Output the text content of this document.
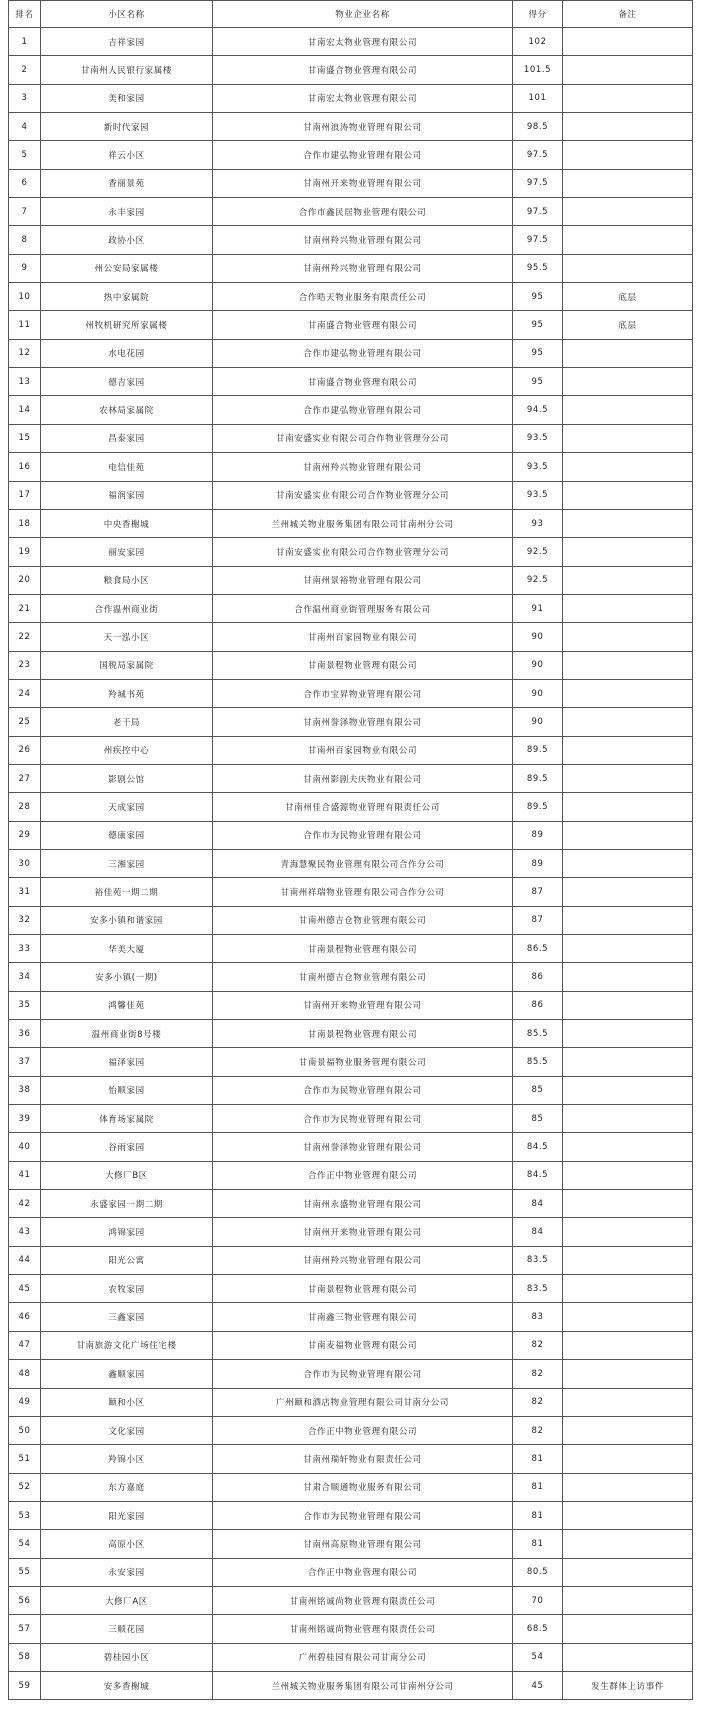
排名	小区名称	物业企业名称	得分	备注
1	吉祥家园	甘南宏太物业管理有限公司	102	
2	甘南州人民银行家属楼	甘南盛合物业管理有限公司	101.5	
3	美和家园	甘南宏太物业管理有限公司	101	
4	新时代家园	甘南州浪涛物业管理有限公司	98.5	
5	祥云小区	合作市建弘物业管理有限公司	97.5	
6	香丽景苑	甘南州开来物业管理有限公司	97.5	
7	永丰家园	合作市鑫民居物业管理有限公司	97.5	
8	政协小区	甘南州羚兴物业管理有限公司	97.5	
9	州公安局家属楼	甘南州羚兴物业管理有限公司	95.5	
10	热中家属院	合作晧天物业服务有限责任公司	95	底层
11	州牧机研究所家属楼	甘南盛合物业管理有限公司	95	底层
12	水电花园	合作市建弘物业管理有限公司	95	
13	德吉家园	甘南盛合物业管理有限公司	95	
14	农林局家属院	合作市建弘物业管理有限公司	94.5	
15	昌泰家园	甘南安盛实业有限公司合作物业管理分公司	93.5	
16	电信佳苑	甘南州羚兴物业管理有限公司	93.5	
17	福润家园	甘南安盛实业有限公司合作物业管理分公司	93.5	
18	中央香榭城	兰州城关物业服务集团有限公司甘南州分公司	93	
19	丽安家园	甘南安盛实业有限公司合作物业管理分公司	92.5	
20	粮食局小区	甘南州景裕物业管理有限公司	92.5	
21	合作温州商业街	合作温州商业街管理服务有限公司	91	
22	天一泓小区	甘南州百家园物业有限公司	90	
23	国税局家属院	甘南景程物业管理有限公司	90	
24	羚城书苑	合作市宝昇物业管理有限公司	90	
25	老干局	甘南州誉泽物业管理有限公司	90	
26	州疾控中心	甘南州百家园物业有限公司	89.5	
27	影剧公馆	甘南州影剧夫庆物业有限公司	89.5	
28	天成家园	甘南州佳合盛源物业管理有限责任公司	89.5	
29	德康家园	合作市为民物业管理有限公司	89	
30	三湘家园	青海慧聚民物业管理有限公司合作分公司	89	
31	裕佳苑一期二期	甘南州祥瑞物业管理有限公司合作分公司	87	
32	安多小镇和谐家园	甘南州德吉仓物业管理有限公司	87	
33	华美大厦	甘南景程物业管理有限公司	86.5	
34	安多小镇(一期)	甘南州德吉仓物业管理有限公司	86	
35	鸿馨佳苑	甘南州开来物业管理有限公司	86	
36	温州商业街8号楼	甘南景程物业管理有限公司	85.5	
37	福泽家园	甘南景福物业服务管理有限公司	85.5	
38	怡顺家园	合作市为民物业管理有限公司	85	
39	体育场家属院	合作市为民物业管理有限公司	85	
40	谷雨家园	甘南州誉泽物业管理有限公司	84.5	
41	大修厂B区	合作正中物业管理有限公司	84.5	
42	永盛家园一期二期	甘南州永盛物业管理有限公司	84	
43	鸿锦家园	甘南州开来物业管理有限公司	84	
44	阳光公寓	甘南州羚兴物业管理有限公司	83.5	
45	农牧家园	甘南景程物业管理有限公司	83.5	
46	三鑫家园	甘南鑫三物业管理有限公司	83	
47	甘南旅游文化广场住宅楼	甘南麦福物业管理有限公司	82	
48	鑫顺家园	合作市为民物业管理有限公司	82	
49	颐和小区	广州颐和酒店物业管理有限公司甘南分公司	82	
50	文化家园	合作正中物业管理有限公司	82	
51	羚锦小区	甘南州瑞轩物业有限责任公司	81	
52	东方嘉庭	甘肃合顺通物业服务有限公司	81	
53	阳光家园	合作市为民物业管理有限公司	81	
54	高原小区	甘南州高原物业管理有限公司	81	
55	永安家园	合作正中物业管理有限公司	80.5	
56	大修厂A区	甘南州铭诚尚物业管理有限责任公司	70	
57	三顺花园	甘南州铭诚尚物业管理有限责任公司	68.5	
58	碧桂园小区	广州碧桂园有限公司甘南分公司	54	
59	安多香榭城	兰州城关物业服务集团有限公司甘南州分公司	45	发生群体上访事件
